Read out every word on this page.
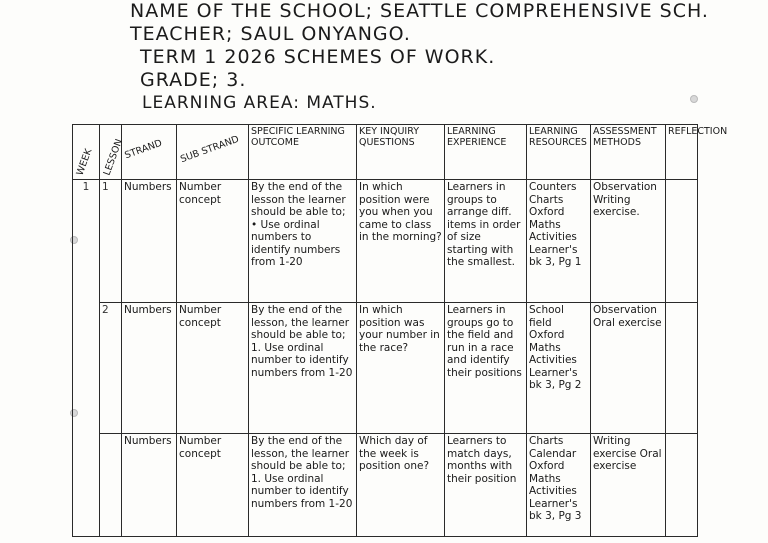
NAME OF THE SCHOOL; SEATTLE COMPREHENSIVE SCH.
TEACHER; SAUL ONYANGO.
TERM 1 2026 SCHEMES OF WORK.
GRADE; 3.
LEARNING AREA: MATHS.
WEEK	LESSON	STRAND	SUB STRAND	SPECIFIC LEARNING OUTCOME	KEY INQUIRY QUESTIONS	LEARNING EXPERIENCE	LEARNING RESOURCES	ASSESSMENT METHODS	REFLECTION
1	1	Numbers	Number concept	By the end of the lesson the learner should be able to; • Use ordinal numbers to identify numbers from 1-20	In which position were you when you came to class in the morning?	Learners in groups to arrange diff. items in order of size starting with the smallest.	Counters Charts Oxford Maths Activities Learner's bk 3, Pg 1	Observation Writing exercise.	
	2	Numbers	Number concept	By the end of the lesson, the learner should be able to; 1. Use ordinal number to identify numbers from 1-20	In which position was your number in the race?	Learners in groups go to the field and run in a race and identify their positions	School field Oxford Maths Activities Learner's bk 3, Pg 2	Observation Oral exercise	
		Numbers	Number concept	By the end of the lesson, the learner should be able to; 1. Use ordinal number to identify numbers from 1-20	Which day of the week is position one?	Learners to match days, months with their position	Charts Calendar Oxford Maths Activities Learner's bk 3, Pg 3	Writing exercise Oral exercise	
